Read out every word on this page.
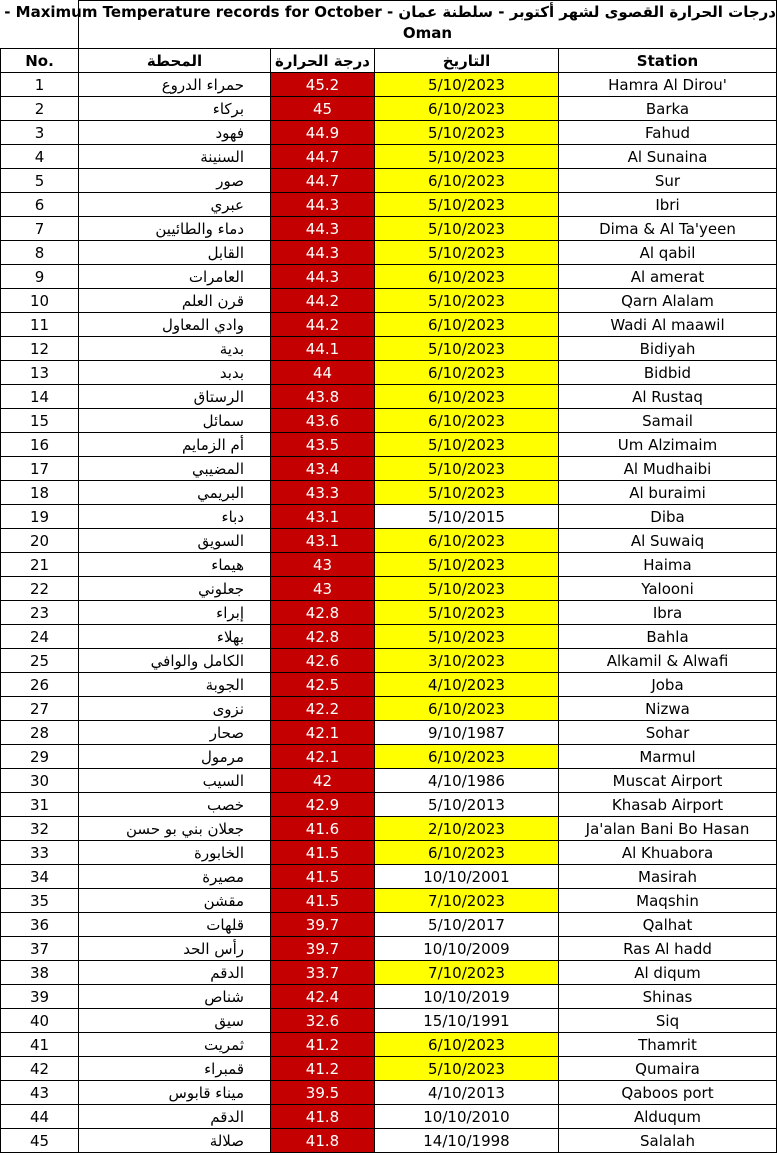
	درجات الحرارة القصوى لشهر أكتوبر - سلطنة عمان - Maximum Temperature records for October -
Oman			

No.	المحطة	درجة الحرارة	التاريخ	Station
1	حمراء الدروع	45.2	5/10/2023	Hamra Al Dirou'
2	بركاء	45	6/10/2023	Barka
3	فهود	44.9	5/10/2023	Fahud
4	السنينة	44.7	5/10/2023	Al Sunaina
5	صور	44.7	6/10/2023	Sur
6	عبري	44.3	5/10/2023	Ibri
7	دماء والطائيين	44.3	5/10/2023	Dima & Al Ta'yeen
8	القابل	44.3	5/10/2023	Al qabil
9	العامرات	44.3	6/10/2023	Al amerat
10	قرن العلم	44.2	5/10/2023	Qarn Alalam
11	وادي المعاول	44.2	6/10/2023	Wadi Al maawil
12	بدية	44.1	5/10/2023	Bidiyah
13	بدبد	44	6/10/2023	Bidbid
14	الرستاق	43.8	6/10/2023	Al Rustaq
15	سمائل	43.6	6/10/2023	Samail
16	أم الزمايم	43.5	5/10/2023	Um Alzimaim
17	المضيبي	43.4	5/10/2023	Al Mudhaibi
18	البريمي	43.3	5/10/2023	Al buraimi
19	دباء	43.1	5/10/2015	Diba
20	السويق	43.1	6/10/2023	Al Suwaiq
21	هيماء	43	5/10/2023	Haima
22	جعلوني	43	5/10/2023	Yalooni
23	إبراء	42.8	5/10/2023	Ibra
24	بهلاء	42.8	5/10/2023	Bahla
25	الكامل والوافي	42.6	3/10/2023	Alkamil & Alwafi
26	الجوبة	42.5	4/10/2023	Joba
27	نزوى	42.2	6/10/2023	Nizwa
28	صحار	42.1	9/10/1987	Sohar
29	مرمول	42.1	6/10/2023	Marmul
30	السيب	42	4/10/1986	Muscat Airport
31	خصب	42.9	5/10/2013	Khasab Airport
32	جعلان بني بو حسن	41.6	2/10/2023	Ja'alan Bani Bo Hasan
33	الخابورة	41.5	6/10/2023	Al Khuabora
34	مصيرة	41.5	10/10/2001	Masirah
35	مقشن	41.5	7/10/2023	Maqshin
36	قلهات	39.7	5/10/2017	Qalhat
37	رأس الحد	39.7	10/10/2009	Ras Al hadd
38	الدقم	33.7	7/10/2023	Al diqum
39	شناص	42.4	10/10/2019	Shinas
40	سيق	32.6	15/10/1991	Siq
41	ثمريت	41.2	6/10/2023	Thamrit
42	قمبراء	41.2	5/10/2023	Qumaira
43	ميناء قابوس	39.5	4/10/2013	Qaboos port
44	الدقم	41.8	10/10/2010	Alduqum
45	صلالة	41.8	14/10/1998	Salalah
